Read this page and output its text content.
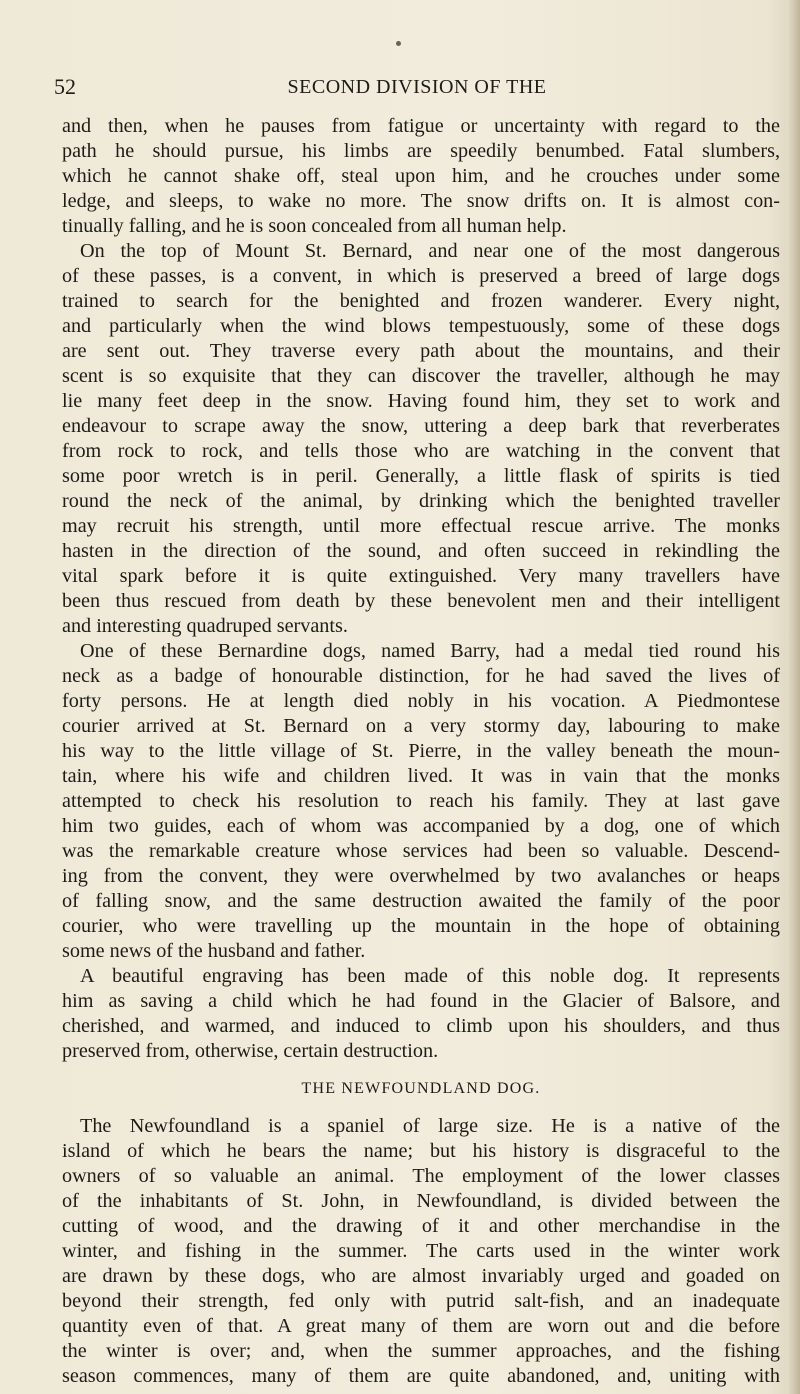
52	SECOND DIVISION OF THE
and then, when he pauses from fatigue or uncertainty with regard to the
path he should pursue, his limbs are speedily benumbed. Fatal slumbers,
which he cannot shake off, steal upon him, and he crouches under some
ledge, and sleeps, to wake no more. The snow drifts on. It is almost con-
tinually falling, and he is soon concealed from all human help.
On the top of Mount St. Bernard, and near one of the most dangerous
of these passes, is a convent, in which is preserved a breed of large dogs
trained to search for the benighted and frozen wanderer. Every night,
and particularly when the wind blows tempestuously, some of these dogs
are sent out. They traverse every path about the mountains, and their
scent is so exquisite that they can discover the traveller, although he may
lie many feet deep in the snow. Having found him, they set to work and
endeavour to scrape away the snow, uttering a deep bark that reverberates
from rock to rock, and tells those who are watching in the convent that
some poor wretch is in peril. Generally, a little flask of spirits is tied
round the neck of the animal, by drinking which the benighted traveller
may recruit his strength, until more effectual rescue arrive. The monks
hasten in the direction of the sound, and often succeed in rekindling the
vital spark before it is quite extinguished. Very many travellers have
been thus rescued from death by these benevolent men and their intelligent
and interesting quadruped servants.
One of these Bernardine dogs, named Barry, had a medal tied round his
neck as a badge of honourable distinction, for he had saved the lives of
forty persons. He at length died nobly in his vocation. A Piedmontese
courier arrived at St. Bernard on a very stormy day, labouring to make
his way to the little village of St. Pierre, in the valley beneath the moun-
tain, where his wife and children lived. It was in vain that the monks
attempted to check his resolution to reach his family. They at last gave
him two guides, each of whom was accompanied by a dog, one of which
was the remarkable creature whose services had been so valuable. Descend-
ing from the convent, they were overwhelmed by two avalanches or heaps
of falling snow, and the same destruction awaited the family of the poor
courier, who were travelling up the mountain in the hope of obtaining
some news of the husband and father.
A beautiful engraving has been made of this noble dog. It represents
him as saving a child which he had found in the Glacier of Balsore, and
cherished, and warmed, and induced to climb upon his shoulders, and thus
preserved from, otherwise, certain destruction.
THE NEWFOUNDLAND DOG.
The Newfoundland is a spaniel of large size. He is a native of the
island of which he bears the name; but his history is disgraceful to the
owners of so valuable an animal. The employment of the lower classes
of the inhabitants of St. John, in Newfoundland, is divided between the
cutting of wood, and the drawing of it and other merchandise in the
winter, and fishing in the summer. The carts used in the winter work
are drawn by these dogs, who are almost invariably urged and goaded on
beyond their strength, fed only with putrid salt-fish, and an inadequate
quantity even of that. A great many of them are worn out and die before
the winter is over; and, when the summer approaches, and the fishing
season commences, many of them are quite abandoned, and, uniting with
